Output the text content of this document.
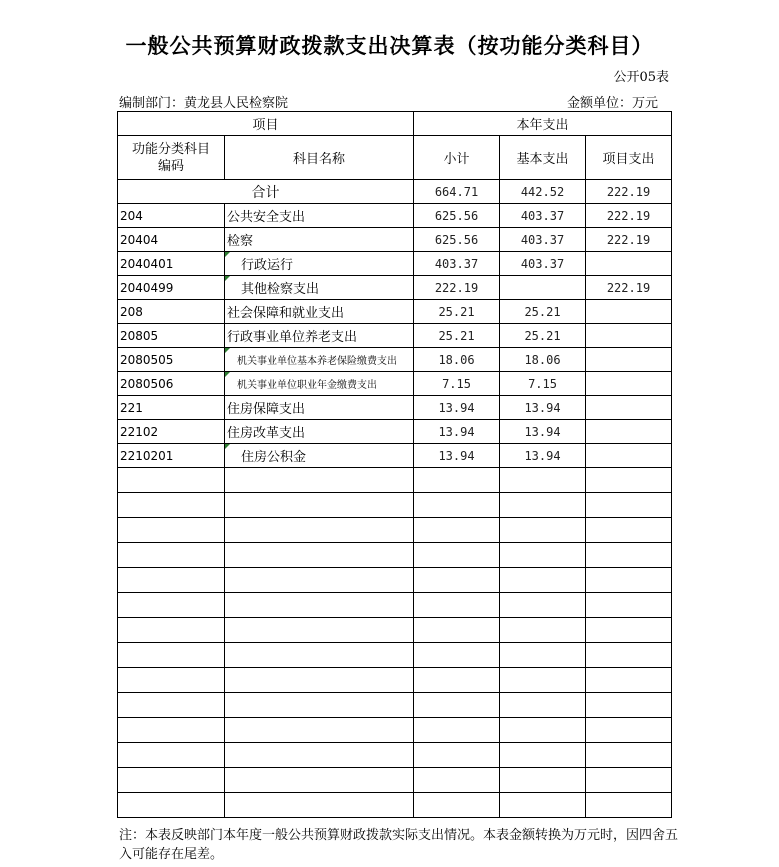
一般公共预算财政拨款支出决算表（按功能分类科目）
公开05表
编制部门：黄龙县人民检察院	金额单位：万元
项目		本年支出		
功能分类科目编码	科目名称	小计	基本支出	项目支出
合计		664.71	442.52	222.19
204	公共安全支出	625.56	403.37	222.19
20404	检察	625.56	403.37	222.19
2040401	行政运行	403.37	403.37	
2040499	其他检察支出	222.19		222.19
208	社会保障和就业支出	25.21	25.21	
20805	行政事业单位养老支出	25.21	25.21	
2080505	机关事业单位基本养老保险缴费支出	18.06	18.06	
2080506	机关事业单位职业年金缴费支出	7.15	7.15	
221	住房保障支出	13.94	13.94	
22102	住房改革支出	13.94	13.94	
2210201	住房公积金	13.94	13.94	

注：本表反映部门本年度一般公共预算财政拨款实际支出情况。本表金额转换为万元时，因四舍五入可能存在尾差。
